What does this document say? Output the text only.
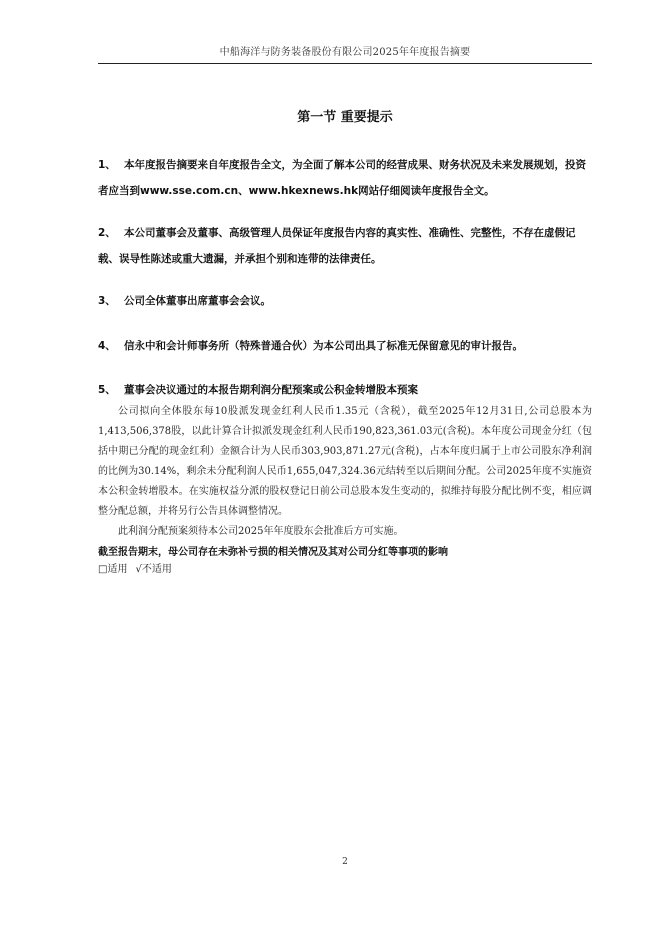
中船海洋与防务装备股份有限公司2025年年度报告摘要
第一节 重要提示

1、 本年度报告摘要来自年度报告全文，为全面了解本公司的经营成果、财务状况及未来发展规划，投资者应当到www.sse.com.cn、www.hkexnews.hk网站仔细阅读年度报告全文。

2、 本公司董事会及董事、高级管理人员保证年度报告内容的真实性、准确性、完整性，不存在虚假记载、误导性陈述或重大遗漏，并承担个别和连带的法律责任。

3、 公司全体董事出席董事会会议。

4、 信永中和会计师事务所（特殊普通合伙）为本公司出具了标准无保留意见的审计报告。

5、 董事会决议通过的本报告期利润分配预案或公积金转增股本预案

公司拟向全体股东每10股派发现金红利人民币1.35元（含税），截至2025年12月31日,公司总股本为1,413,506,378股，以此计算合计拟派发现金红利人民币190,823,361.03元(含税)。本年度公司现金分红（包括中期已分配的现金红利）金额合计为人民币303,903,871.27元(含税)，占本年度归属于上市公司股东净利润的比例为30.14%，剩余未分配利润人民币1,655,047,324.36元结转至以后期间分配。公司2025年度不实施资本公积金转增股本。在实施权益分派的股权登记日前公司总股本发生变动的，拟维持每股分配比例不变，相应调整分配总额，并将另行公告具体调整情况。

此利润分配预案须待本公司2025年年度股东会批准后方可实施。

截至报告期末，母公司存在未弥补亏损的相关情况及其对公司分红等事项的影响
□适用 √不适用
2
